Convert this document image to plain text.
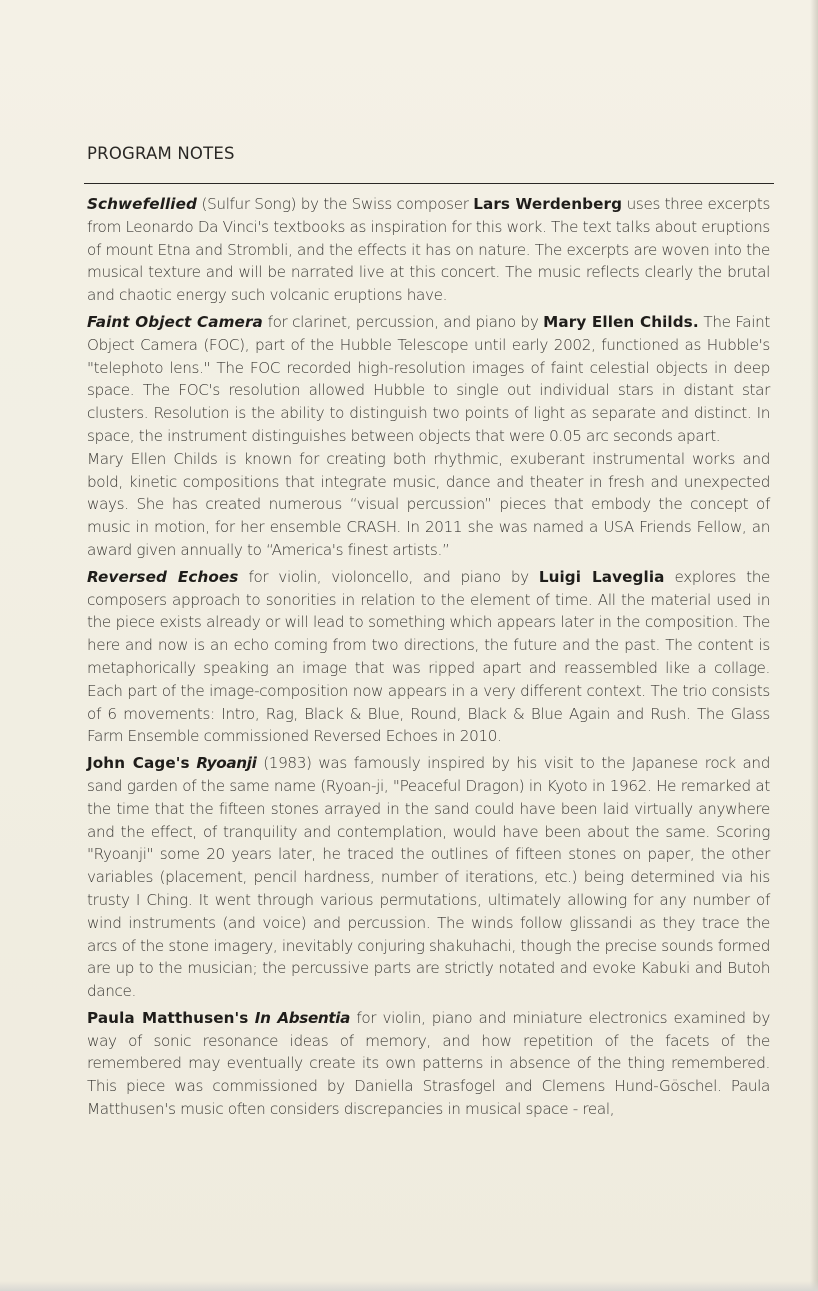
PROGRAM NOTES

Schwefellied (Sulfur Song) by the Swiss composer Lars Werdenberg uses three excerpts from Leonardo Da Vinci's textbooks as inspiration for this work. The text talks about eruptions of mount Etna and Strombli, and the effects it has on nature. The excerpts are woven into the musical texture and will be narrated live at this concert. The music reflects clearly the brutal and chaotic energy such volcanic eruptions have.

Faint Object Camera for clarinet, percussion, and piano by Mary Ellen Childs. The Faint Object Camera (FOC), part of the Hubble Telescope until early 2002, functioned as Hubble's "telephoto lens." The FOC recorded high-resolution images of faint celestial objects in deep space. The FOC's resolution allowed Hubble to single out individual stars in distant star clusters. Resolution is the ability to distinguish two points of light as separate and distinct. In space, the instrument distinguishes between objects that were 0.05 arc seconds apart.

Mary Ellen Childs is known for creating both rhythmic, exuberant instrumental works and bold, kinetic compositions that integrate music, dance and theater in fresh and unexpected ways. She has created numerous “visual percussion” pieces that embody the concept of music in motion, for her ensemble CRASH. In 2011 she was named a USA Friends Fellow, an award given annually to “America's finest artists.”

Reversed Echoes for violin, violoncello, and piano by Luigi Laveglia explores the composers approach to sonorities in relation to the element of time. All the material used in the piece exists already or will lead to something which appears later in the composition. The here and now is an echo coming from two directions, the future and the past. The content is metaphorically speaking an image that was ripped apart and reassembled like a collage. Each part of the image-composition now appears in a very different context. The trio consists of 6 movements: Intro, Rag, Black & Blue, Round, Black & Blue Again and Rush. The Glass Farm Ensemble commissioned Reversed Echoes in 2010.

John Cage's Ryoanji (1983) was famously inspired by his visit to the Japanese rock and sand garden of the same name (Ryoan-ji, "Peaceful Dragon) in Kyoto in 1962. He remarked at the time that the fifteen stones arrayed in the sand could have been laid virtually anywhere and the effect, of tranquility and contemplation, would have been about the same. Scoring "Ryoanji" some 20 years later, he traced the outlines of fifteen stones on paper, the other variables (placement, pencil hardness, number of iterations, etc.) being determined via his trusty I Ching. It went through various permutations, ultimately allowing for any number of wind instruments (and voice) and percussion. The winds follow glissandi as they trace the arcs of the stone imagery, inevitably conjuring shakuhachi, though the precise sounds formed are up to the musician; the percussive parts are strictly notated and evoke Kabuki and Butoh dance.

Paula Matthusen's In Absentia for violin, piano and miniature electronics examined by way of sonic resonance ideas of memory, and how repetition of the facets of the remembered may eventually create its own patterns in absence of the thing remembered. This piece was commissioned by Daniella Strasfogel and Clemens Hund-Göschel. Paula Matthusen's music often considers discrepancies in musical space - real,
